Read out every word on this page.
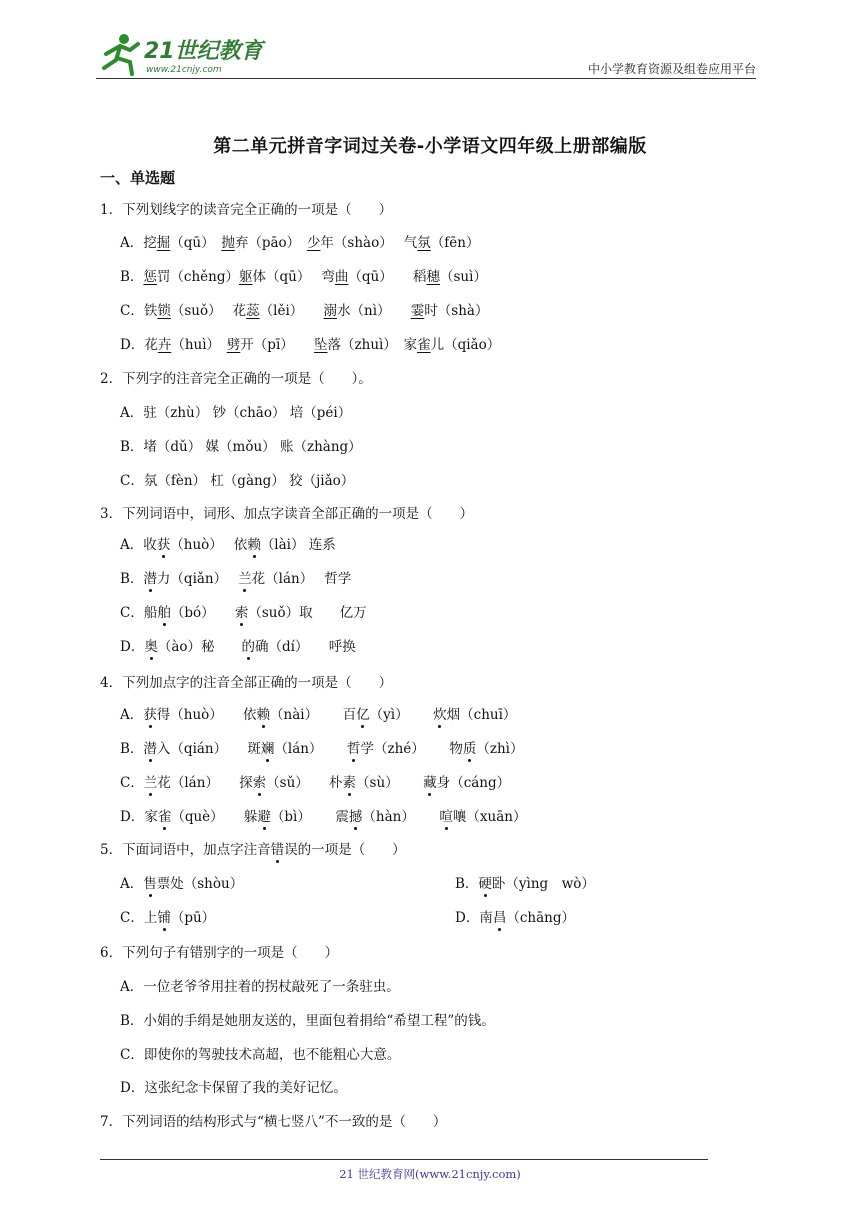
21世纪教育
www.21cnjy.com	中小学教育资源及组卷应用平台
第二单元拼音字词过关卷-小学语文四年级上册部编版
一、单选题
1．下列划线字的读音完全正确的一项是（　　）
A．挖掘（qū）　抛弃（pāo）　少年（shào）　 气氛（fēn）
B．惩罚（chěng）躯体（qū）　 弯曲（qū）　　稻穗（suì）
C．铁锁（suǒ）　 花蕊（lěi）　　溺水（nì）　　霎时（shà）
D．花卉（huì）　劈开（pī）　　坠落（zhuì）　家雀儿（qiǎo）
2．下列字的注音完全正确的一项是（　　）。
A．驻（zhù） 钞（chāo） 培（péi）
B．堵（dǔ） 媒（mǒu） 账（zhàng）
C．氛（fèn） 杠（gàng） 狡（jiǎo）
3．下列词语中，词形、加点字读音全部正确的一项是（　　）
A．收获（huò）　 依赖（lài） 连系
B．潜力（qiǎn）　 兰花（lán）　 哲学
C．船舶（bó）　　索（suǒ）取　　亿万
D．奥（ào）秘　　的确（dí）　　呼换
4．下列加点字的注音全部正确的一项是（　　）
A．获得（huò）　　依赖（nài）　　 百亿（yì）　　 炊烟（chuī）
B．潜入（qián）　　斑斓（lán）　　 哲学（zhé）　　 物质（zhì）
C．兰花（lán）　　探索（sǔ）　　朴素（sù）　　 藏身（cáng）
D．家雀（què）　　躲避（bì）　　 震撼（hàn）　　 喧嚷（xuān）
5．下面词语中，加点字注音错误的一项是（　　）
A．售票处（shòu）	B．硬卧（yìng　wò）
C．上铺（pū）	D．南昌（chāng）
6．下列句子有错别字的一项是（　　）
A．一位老爷爷用拄着的拐杖敲死了一条驻虫。
B．小娟的手绢是她朋友送的，里面包着捐给“希望工程”的钱。
C．即使你的驾驶技术高超，也不能粗心大意。
D．这张纪念卡保留了我的美好记忆。
7．下列词语的结构形式与“横七竖八”不一致的是（　　）
21 世纪教育网(www.21cnjy.com)
